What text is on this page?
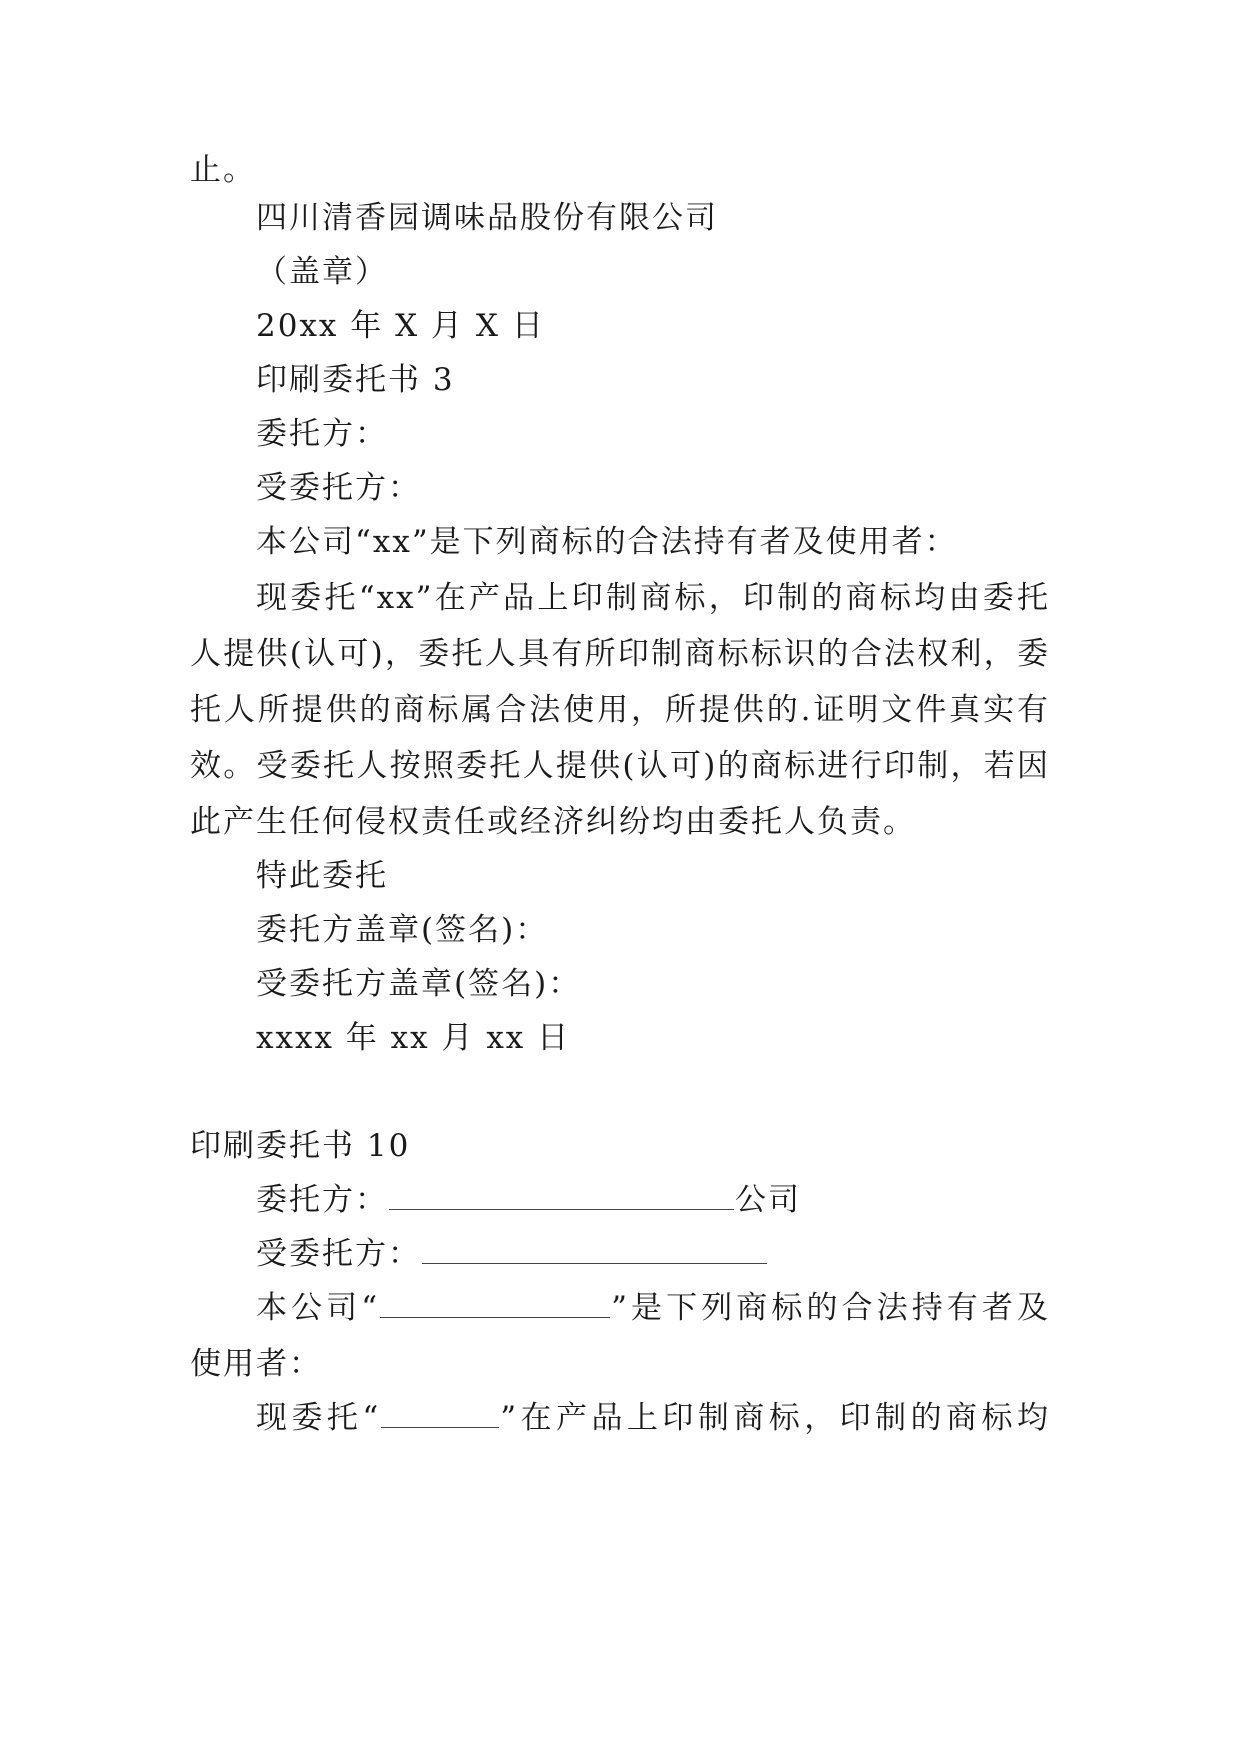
止。
四川清香园调味品股份有限公司
（盖章）
20xx 年 X 月 X 日
印刷委托书 3
委托方：
受委托方：
本公司“xx”是下列商标的合法持有者及使用者：
现委托“xx”在产品上印制商标，印制的商标均由委托
人提供(认可)，委托人具有所印制商标标识的合法权利，委
托人所提供的商标属合法使用，所提供的.证明文件真实有
效。受委托人按照委托人提供(认可)的商标进行印制，若因
此产生任何侵权责任或经济纠纷均由委托人负责。
特此委托
委托方盖章(签名)：
受委托方盖章(签名)：
xxxx 年 xx 月 xx 日
印刷委托书 10
委托方：	公司
受委托方：
本公司“	”是下列商标的合法持有者及
使用者：
现委托“	”在产品上印制商标，印制的商标均
